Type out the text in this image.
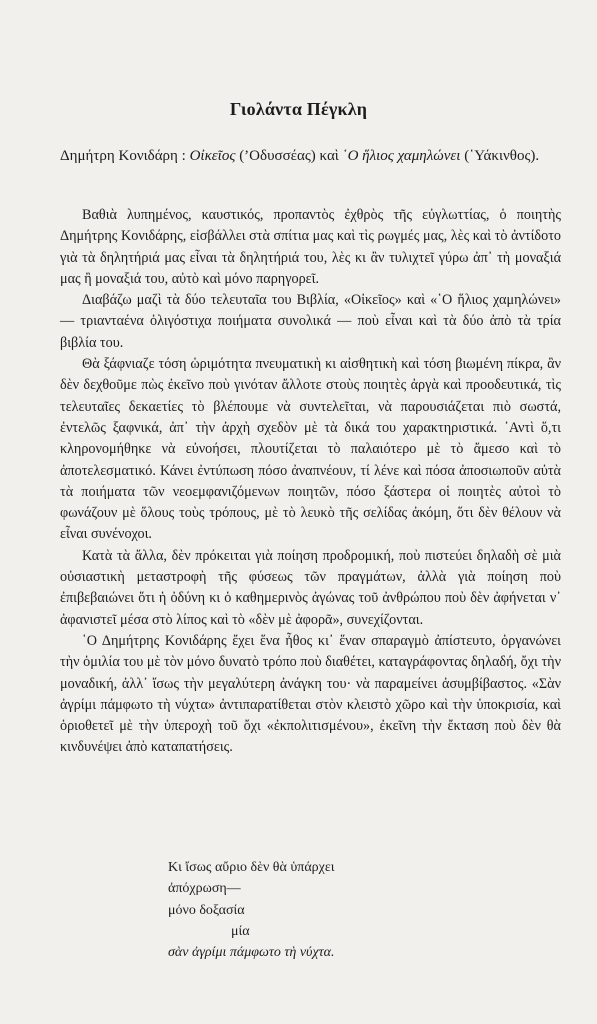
Γιολάντα Πέγκλη
Δημήτρη Κονιδάρη : Οἰκεῖος (’Οδυσσέας) καὶ ῾Ο ἥλιος χαμηλώνει (῾Υάκινθος).

Βαθιὰ λυπημένος, καυστικός, προπαντὸς ἐχθρὸς τῆς εὐγλωττίας, ὁ ποιητὴς Δημήτρης Κονιδάρης, εἰσβάλλει στὰ σπίτια μας καὶ τὶς ρωγμές μας, λὲς καὶ τὸ ἀντίδοτο γιὰ τὰ δηλητήριά μας εἶναι τὰ δηλητήριά του, λὲς κι ἂν τυλιχτεῖ γύρω ἀπ᾿ τὴ μοναξιά μας ἢ μοναξιά του, αὐτὸ καὶ μόνο παρηγορεῖ.

Διαβάζω μαζὶ τὰ δύο τελευταῖα του Βιβλία, «Οἰκεῖος» καὶ «῾Ο ἥλιος χαμηλώνει» — τριανταένα ὀλιγόστιχα ποιήματα συνολικά — ποὺ εἶναι καὶ τὰ δύο ἀπὸ τὰ τρία βιβλία του.

Θὰ ξάφνιαζε τόση ὡριμότητα πνευματικὴ κι αἰσθητικὴ καὶ τόση βιωμένη πίκρα, ἂν δὲν δεχθοῦμε πὼς ἐκεῖνο ποὺ γινόταν ἄλλοτε στοὺς ποιητὲς ἀργὰ καὶ προοδευτικά, τὶς τελευταῖες δεκαετίες τὸ βλέπουμε νὰ συντελεῖται, νὰ παρουσιάζεται πιὸ σωστά, ἐντελῶς ξαφνικά, ἀπ᾿ τὴν ἀρχὴ σχεδὸν μὲ τὰ δικά του χαρακτηριστικά. ᾿Αντὶ ὅ,τι κληρονομήθηκε νὰ εὐνοήσει, πλουτίζεται τὸ παλαιότερο μὲ τὸ ἄμεσο καὶ τὸ ἀποτελεσματικό. Κάνει ἐντύπωση πόσο ἀναπνέουν, τί λένε καὶ πόσα ἀποσιωποῦν αὐτὰ τὰ ποιήματα τῶν νεοεμφανιζόμενων ποιητῶν, πόσο ξάστερα οἱ ποιητὲς αὐτοὶ τὸ φωνάζουν μὲ ὅλους τοὺς τρόπους, μὲ τὸ λευκὸ τῆς σελίδας ἀκόμη, ὅτι δὲν θέλουν νὰ εἶναι συνένοχοι.

Κατὰ τὰ ἄλλα, δὲν πρόκειται γιὰ ποίηση προδρομική, ποὺ πιστεύει δηλαδὴ σὲ μιὰ οὐσιαστικὴ μεταστροφὴ τῆς φύσεως τῶν πραγμάτων, ἀλλὰ γιὰ ποίηση ποὺ ἐπιβεβαιώνει ὅτι ἡ ὀδύνη κι ὁ καθημερινὸς ἀγώνας τοῦ ἀνθρώπου ποὺ δὲν ἀφήνεται ν᾿ ἀφανιστεῖ μέσα στὸ λίπος καὶ τὸ «δὲν μὲ ἀφορᾶ», συνεχίζονται.

῾Ο Δημήτρης Κονιδάρης ἔχει ἕνα ἦθος κι᾿ ἕναν σπαραγμὸ ἀπίστευτο, ὀργανώνει τὴν ὁμιλία του μὲ τὸν μόνο δυνατὸ τρόπο ποὺ διαθέτει, καταγράφοντας δηλαδή, ὄχι τὴν μοναδική, ἀλλ᾿ ἴσως τὴν μεγαλύτερη ἀνάγκη του· νὰ παραμείνει ἀσυμβίβαστος. «Σὰν ἀγρίμι πάμφωτο τὴ νύχτα» ἀντιπαρατίθεται στὸν κλειστὸ χῶρο καὶ τὴν ὑποκρισία, καὶ ὁριοθετεῖ μὲ τὴν ὑπεροχὴ τοῦ ὄχι «ἐκπολιτισμένου», ἐκεῖνη τὴν ἔκταση ποὺ δὲν θὰ κινδυνέψει ἀπὸ καταπατήσεις.

Κι ἴσως αὔριο δὲν θὰ ὑπάρχει
ἀπόχρωση—
μόνο δοξασία
μία
σὰν ἀγρίμι πάμφωτο τὴ νύχτα.
